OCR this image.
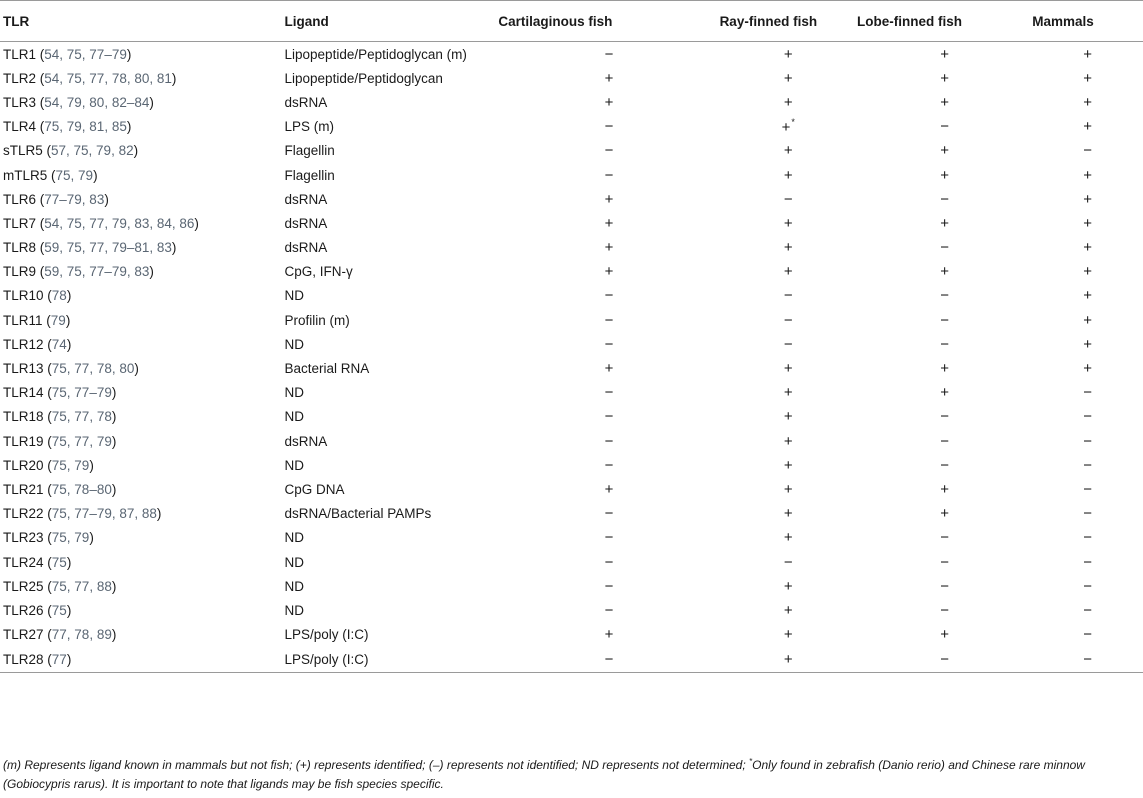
TLR	Ligand	Cartilaginous fish	Ray-finned fish	Lobe-finned fish	Mammals
TLR1 (54, 75, 77–79)	Lipopeptide/Peptidoglycan (m)	−	+	+	+
TLR2 (54, 75, 77, 78, 80, 81)	Lipopeptide/Peptidoglycan	+	+	+	+
TLR3 (54, 79, 80, 82–84)	dsRNA	+	+	+	+
TLR4 (75, 79, 81, 85)	LPS (m)	−	+*	−	+
sTLR5 (57, 75, 79, 82)	Flagellin	−	+	+	−
mTLR5 (75, 79)	Flagellin	−	+	+	+
TLR6 (77–79, 83)	dsRNA	+	−	−	+
TLR7 (54, 75, 77, 79, 83, 84, 86)	dsRNA	+	+	+	+
TLR8 (59, 75, 77, 79–81, 83)	dsRNA	+	+	−	+
TLR9 (59, 75, 77–79, 83)	CpG, IFN-γ	+	+	+	+
TLR10 (78)	ND	−	−	−	+
TLR11 (79)	Profilin (m)	−	−	−	+
TLR12 (74)	ND	−	−	−	+
TLR13 (75, 77, 78, 80)	Bacterial RNA	+	+	+	+
TLR14 (75, 77–79)	ND	−	+	+	−
TLR18 (75, 77, 78)	ND	−	+	−	−
TLR19 (75, 77, 79)	dsRNA	−	+	−	−
TLR20 (75, 79)	ND	−	+	−	−
TLR21 (75, 78–80)	CpG DNA	+	+	+	−
TLR22 (75, 77–79, 87, 88)	dsRNA/Bacterial PAMPs	−	+	+	−
TLR23 (75, 79)	ND	−	+	−	−
TLR24 (75)	ND	−	−	−	−
TLR25 (75, 77, 88)	ND	−	+	−	−
TLR26 (75)	ND	−	+	−	−
TLR27 (77, 78, 89)	LPS/poly (I:C)	+	+	+	−
TLR28 (77)	LPS/poly (I:C)	−	+	−	−
(m) Represents ligand known in mammals but not fish; (+) represents identified; (–) represents not identified; ND represents not determined; *Only found in zebrafish (Danio rerio) and Chinese rare minnow (Gobiocypris rarus). It is important to note that ligands may be fish species specific.
